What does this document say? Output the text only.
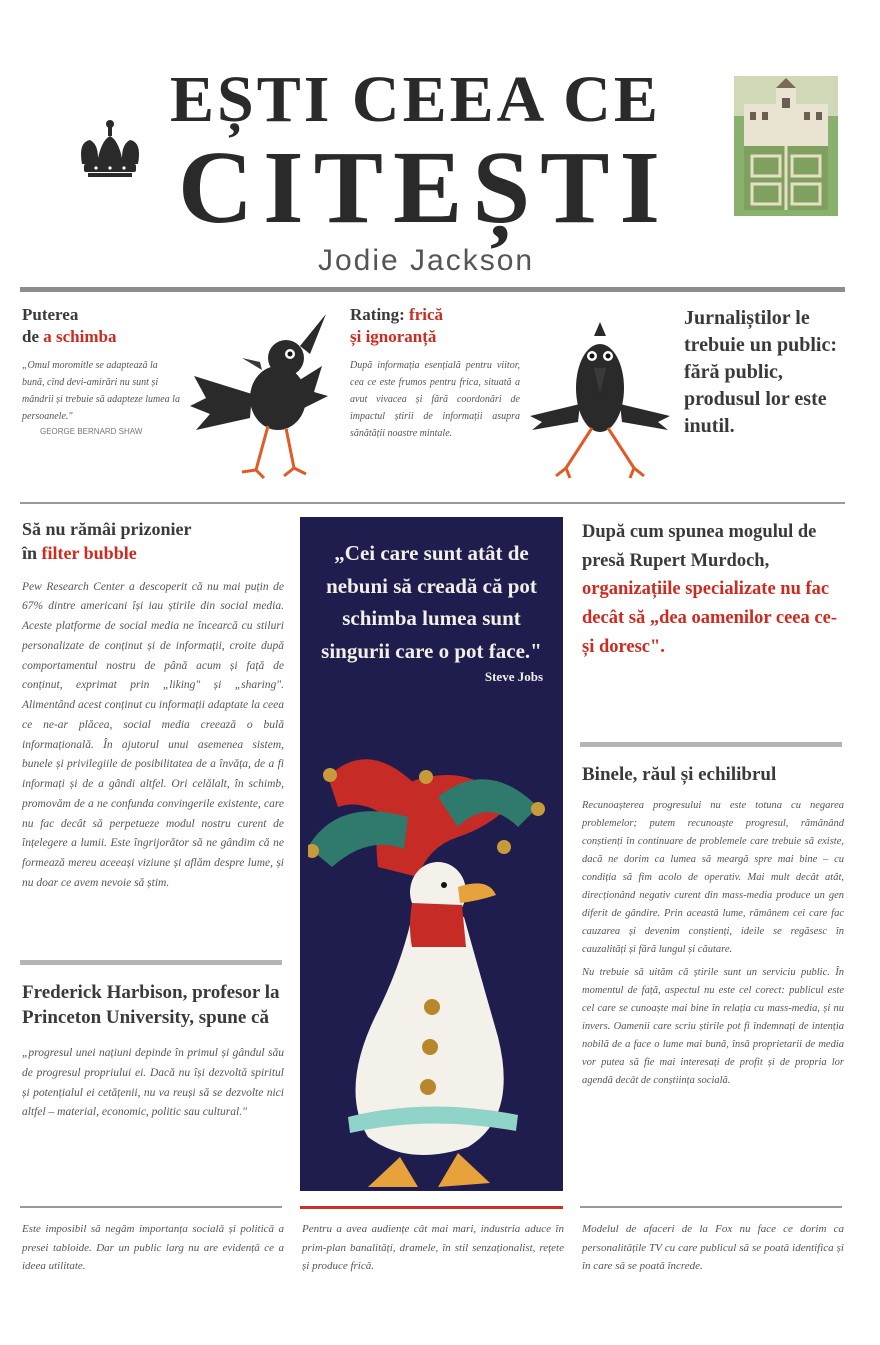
EȘTI CEEA CE
CITEȘTI
Jodie Jackson
Puterea
de a schimba
„Omul moromitle se adaptează la bună, cînd devi-amirări nu sunt și mândrii și trebuie să adapteze lumea la persoanele."
GEORGE BERNARD SHAW
Rating: frică
și ignoranță
După informația esențială pentru viitor, cea ce este frumos pentru frica, situată a avut vivacea și fără coordonări de impactul știrii de informații asupra sănătății noastre mintale.
Jurnaliștilor le trebuie un public: fără public, produsul lor este inutil.
Să nu rămâi prizonier
în filter bubble
Pew Research Center a descoperit că nu mai puțin de 67% dintre americani își iau știrile din social media. Aceste platforme de social media ne încearcă cu stiluri personalizate de conținut și de informații, croite după comportamentul nostru de până acum și față de conținut, exprimat prin „liking" și „sharing". Alimentând acest conținut cu informații adaptate la ceea ce ne-ar plăcea, social media creează o bulă informațională. În ajutorul unui asemenea sistem, bunele și privilegiile de posibilitatea de a învăța, de a fi informați și de a gândi altfel. Ori celălalt, în schimb, promovăm de a ne confunda convingerile existente, care nu fac decât să perpetueze modul nostru curent de înțelegere a lumii. Este îngrijorător să ne gândim că ne formează mereu aceeași viziune și aflăm despre lume, și nu doar ce avem nevoie să știm.
Frederick Harbison, profesor la Princeton University, spune că
„progresul unei națiuni depinde în primul și gândul său de progresul propriului ei. Dacă nu își dezvoltă spiritul și potențialul ei cetățenii, nu va reuși să se dezvolte nici altfel – material, economic, politic sau cultural."
„Cei care sunt atât de nebuni să creadă că pot schimba lumea sunt singurii care o pot face."
Steve Jobs
După cum spunea mogulul de presă Rupert Murdoch, organizațiile specializate nu fac decât să „dea oamenilor ceea ce-și doresc".
Binele, răul și echilibrul
Recunoașterea progresului nu este totuna cu negarea problemelor; putem recunoaște progresul, rămânând conștienți în continuare de problemele care trebuie să existe, dacă ne dorim ca lumea să meargă spre mai bine – cu condiția să fim acolo de operativ. Mai mult decât atât, direcționând negativ curent din mass-media produce un gen diferit de gândire. Prin această lume, rămânem cei care fac cauzarea și devenim conștienți, ideile se regăsesc în cauzalități și fără lungul și căutare.
Nu trebuie să uităm că știrile sunt un serviciu public. În momentul de față, aspectul nu este cel corect: publicul este cel care se cunoaște mai bine în relația cu mass-media, și nu invers. Oamenii care scriu știrile pot fi îndemnați de intenția nobilă de a face o lume mai bună, însă proprietarii de media vor putea să fie mai interesați de profit și de propria lor agendă decât de conștiința socială.
Este imposibil să negăm importanța socială și politică a presei tabloide. Dar un public larg nu are evidență ce a ideea utilitate.
Pentru a avea audiențe cât mai mari, industria aduce în prim-plan banalități, dramele, în stil senzaționalist, rețete și produce frică.
Modelul de afaceri de la Fox nu face ce dorim ca personalitățile TV cu care publicul să se poată identifica și în care să se poată încrede.
